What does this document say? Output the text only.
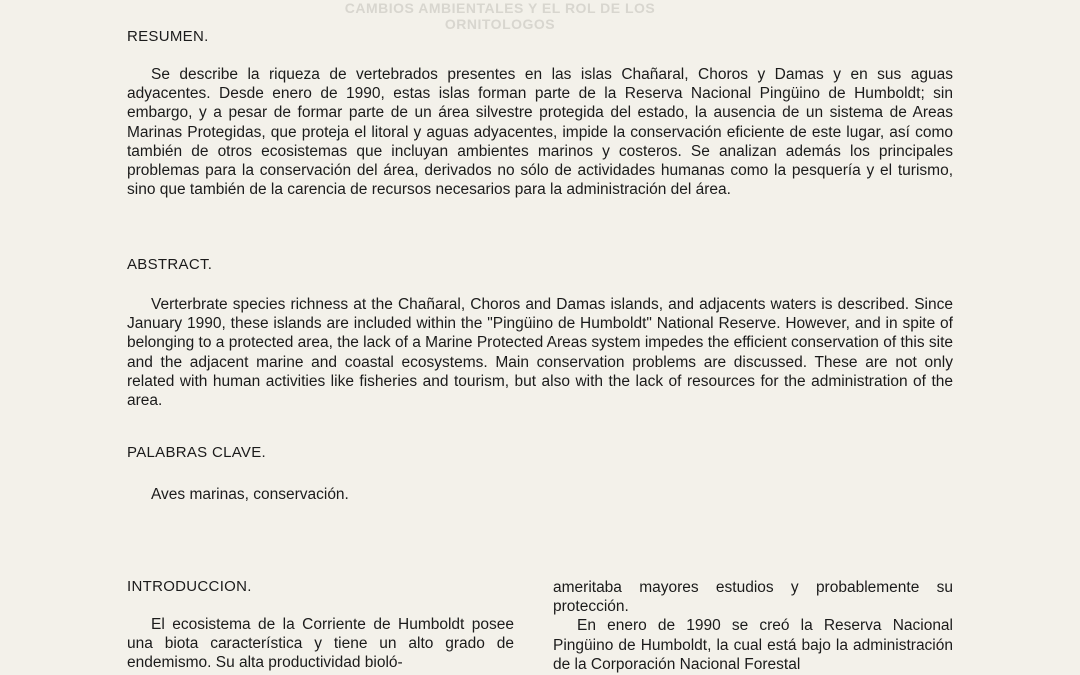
CAMBIOS AMBIENTALES Y EL ROL DE LOS ORNITOLOGOS
RESUMEN.

Se describe la riqueza de vertebrados presentes en las islas Chañaral, Choros y Damas y en sus aguas adyacentes. Desde enero de 1990, estas islas forman parte de la Reserva Nacional Pingüino de Humboldt; sin embargo, y a pesar de formar parte de un área silvestre protegida del estado, la ausencia de un sistema de Areas Marinas Protegidas, que proteja el litoral y aguas adyacentes, impide la conservación eficiente de este lugar, así como también de otros ecosistemas que incluyan ambientes marinos y costeros. Se analizan además los principales problemas para la conservación del área, derivados no sólo de actividades humanas como la pesquería y el turismo, sino que también de la carencia de recursos necesarios para la administración del área.

ABSTRACT.

Verterbrate species richness at the Chañaral, Choros and Damas islands, and adjacents waters is described. Since January 1990, these islands are included within the "Pingüino de Humboldt" National Reserve. However, and in spite of belonging to a protected area, the lack of a Marine Protected Areas system impedes the efficient conservation of this site and the adjacent marine and coastal ecosystems. Main conservation problems are discussed. These are not only related with human activities like fisheries and tourism, but also with the lack of resources for the administration of the area.

PALABRAS CLAVE.

Aves marinas, conservación.

INTRODUCCION.

El ecosistema de la Corriente de Humboldt posee una biota característica y tiene un alto grado de endemismo. Su alta productividad bioló-

ameritaba mayores estudios y probablemente su protección.

En enero de 1990 se creó la Reserva Nacional Pingüino de Humboldt, la cual está bajo la administración de la Corporación Nacional Forestal
